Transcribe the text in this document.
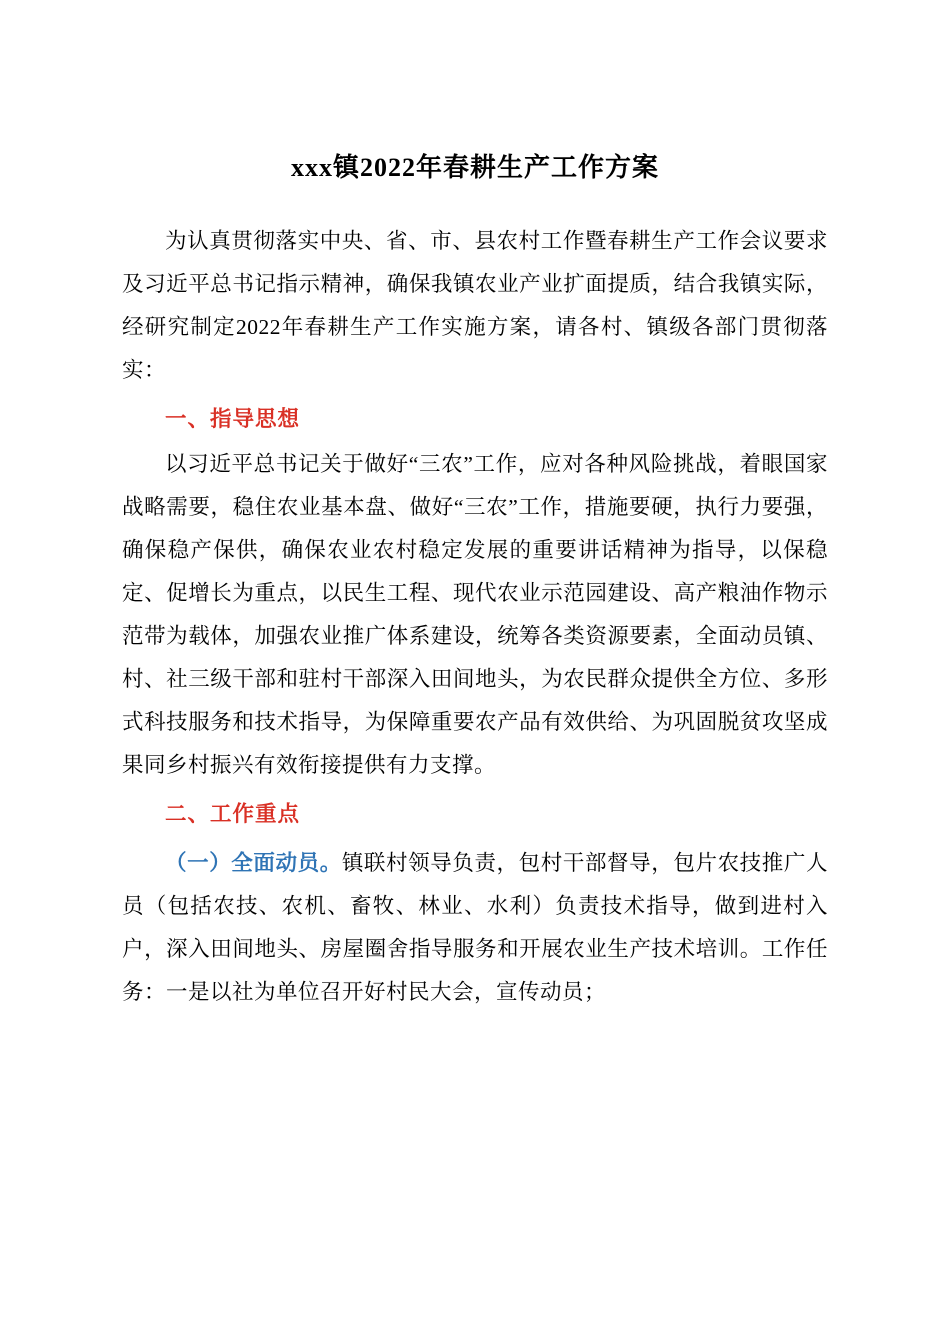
xxx镇2022年春耕生产工作方案

为认真贯彻落实中央、省、市、县农村工作暨春耕生产工作会议要求及习近平总书记指示精神，确保我镇农业产业扩面提质，结合我镇实际，经研究制定2022年春耕生产工作实施方案，请各村、镇级各部门贯彻落实：

一、指导思想

以习近平总书记关于做好“三农”工作，应对各种风险挑战，着眼国家战略需要，稳住农业基本盘、做好“三农”工作，措施要硬，执行力要强，确保稳产保供，确保农业农村稳定发展的重要讲话精神为指导，以保稳定、促增长为重点，以民生工程、现代农业示范园建设、高产粮油作物示范带为载体，加强农业推广体系建设，统筹各类资源要素，全面动员镇、村、社三级干部和驻村干部深入田间地头，为农民群众提供全方位、多形式科技服务和技术指导，为保障重要农产品有效供给、为巩固脱贫攻坚成果同乡村振兴有效衔接提供有力支撑。

二、工作重点

（一）全面动员。镇联村领导负责，包村干部督导，包片农技推广人员（包括农技、农机、畜牧、林业、水利）负责技术指导，做到进村入户，深入田间地头、房屋圈舍指导服务和开展农业生产技术培训。工作任务：一是以社为单位召开好村民大会，宣传动员；
